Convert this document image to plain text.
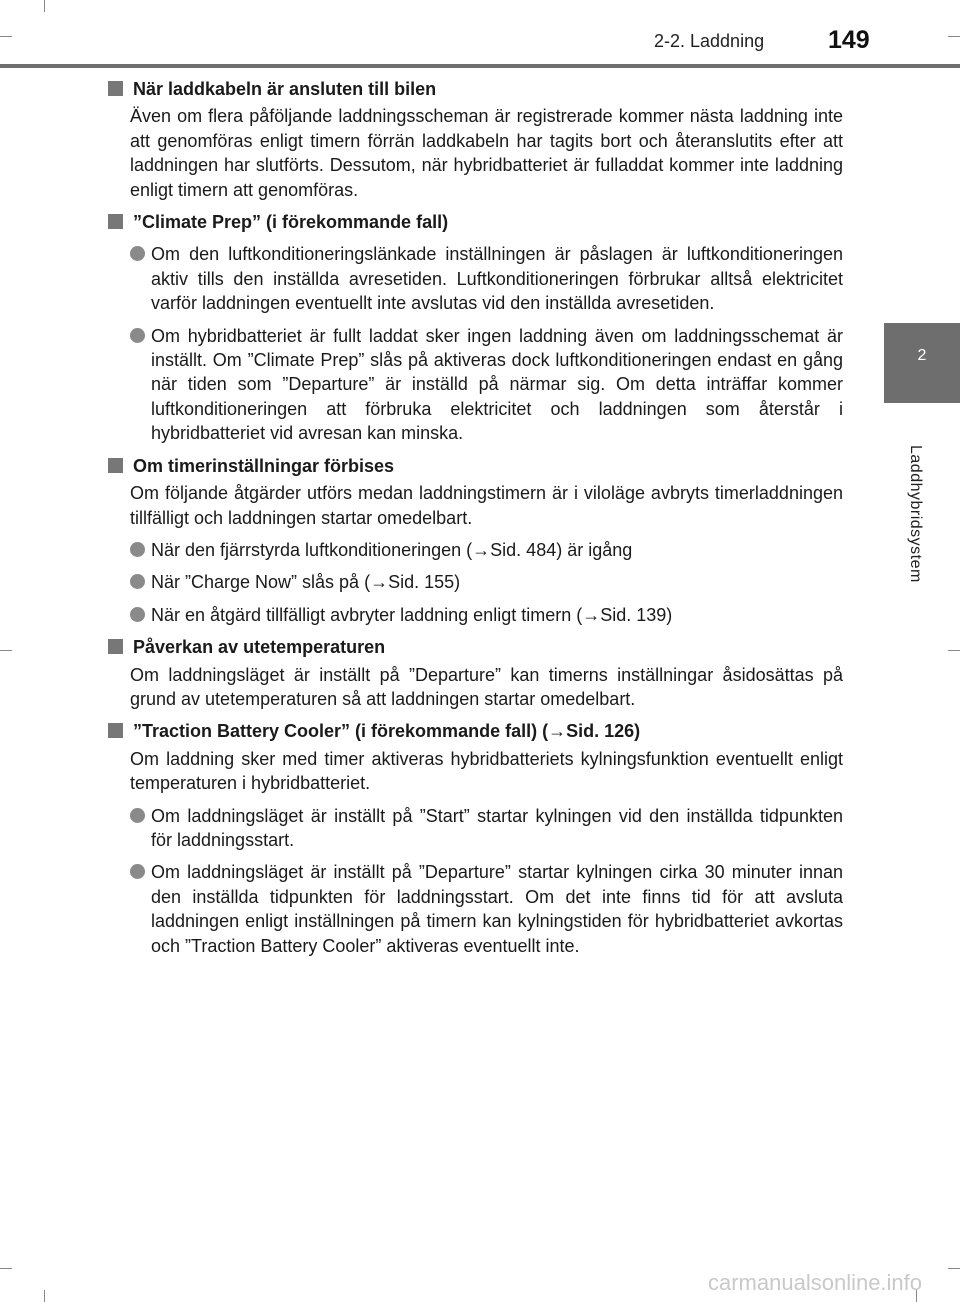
2-2. Laddning	149
2
Laddhybridsystem
När laddkabeln är ansluten till bilen
Även om flera påföljande laddningsscheman är registrerade kommer nästa laddning inte att genomföras enligt timern förrän laddkabeln har tagits bort och återanslutits efter att laddningen har slutförts. Dessutom, när hybridbatteriet är fulladdat kommer inte laddning enligt timern att genomföras.
”Climate Prep” (i förekommande fall)
Om den luftkonditioneringslänkade inställningen är påslagen är luftkonditioneringen aktiv tills den inställda avresetiden. Luftkonditioneringen förbrukar alltså elektricitet varför laddningen eventuellt inte avslutas vid den inställda avresetiden.
Om hybridbatteriet är fullt laddat sker ingen laddning även om laddningsschemat är inställt. Om ”Climate Prep” slås på aktiveras dock luftkonditioneringen endast en gång när tiden som ”Departure” är inställd på närmar sig. Om detta inträffar kommer luftkonditioneringen att förbruka elektricitet och laddningen som återstår i hybridbatteriet vid avresan kan minska.
Om timerinställningar förbises
Om följande åtgärder utförs medan laddningstimern är i viloläge avbryts timerladdningen tillfälligt och laddningen startar omedelbart.
När den fjärrstyrda luftkonditioneringen (→Sid. 484) är igång
När ”Charge Now” slås på (→Sid. 155)
När en åtgärd tillfälligt avbryter laddning enligt timern (→Sid. 139)
Påverkan av utetemperaturen
Om laddningsläget är inställt på ”Departure” kan timerns inställningar åsidosättas på grund av utetemperaturen så att laddningen startar omedelbart.
”Traction Battery Cooler” (i förekommande fall) (→Sid. 126)
Om laddning sker med timer aktiveras hybridbatteriets kylningsfunktion eventuellt enligt temperaturen i hybridbatteriet.
Om laddningsläget är inställt på ”Start” startar kylningen vid den inställda tidpunkten för laddningsstart.
Om laddningsläget är inställt på ”Departure” startar kylningen cirka 30 minuter innan den inställda tidpunkten för laddningsstart. Om det inte finns tid för att avsluta laddningen enligt inställningen på timern kan kylningstiden för hybridbatteriet avkortas och ”Traction Battery Cooler” aktiveras eventuellt inte.
carmanualsonline.info
